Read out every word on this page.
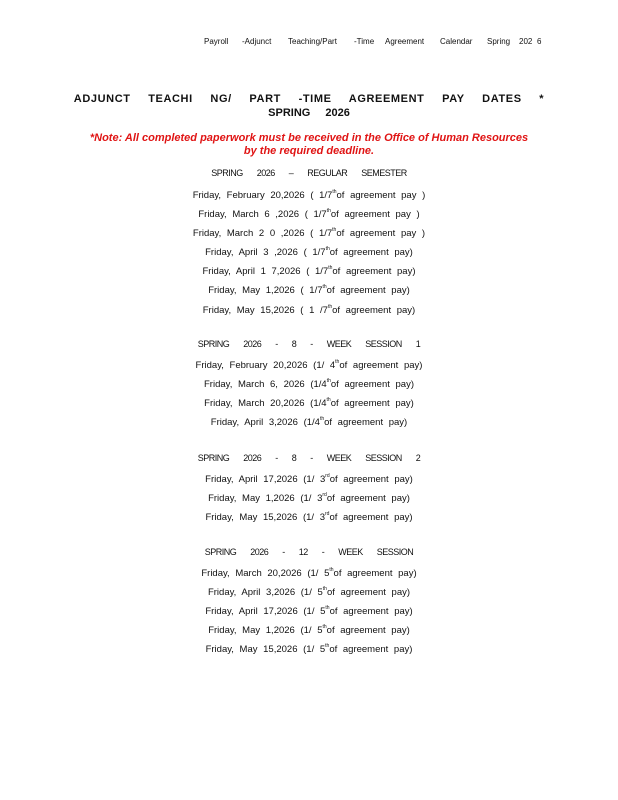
Payroll -Adjunct Teaching/Part -Time Agreement Calendar Spring 202 6
ADJUNCT TEACHI NG/ PART -TIME AGREEMENT PAY DATES *
SPRING 2026
*Note: All completed paperwork must be received in the Office of Human Resources
by the required deadline.
SPRING 2026 – REGULAR SEMESTER
Friday, February 20,2026 ( 1/7thof agreement pay )
Friday, March 6 ,2026 ( 1/7thof agreement pay )
Friday, March 2 0 ,2026 ( 1/7thof agreement pay )
Friday, April 3 ,2026 ( 1/7thof agreement pay)
Friday, April 1 7,2026 ( 1/7thof agreement pay)
Friday, May 1,2026 ( 1/7thof agreement pay)
Friday, May 15,2026 ( 1 /7thof agreement pay)
SPRING 2026 - 8 - WEEK SESSION 1
Friday, February 20,2026 (1/ 4thof agreement pay)
Friday, March 6, 2026 (1/4thof agreement pay)
Friday, March 20,2026 (1/4thof agreement pay)
Friday, April 3,2026 (1/4thof agreement pay)
SPRING 2026 - 8 - WEEK SESSION 2
Friday, April 17,2026 (1/ 3rdof agreement pay)
Friday, May 1,2026 (1/ 3rdof agreement pay)
Friday, May 15,2026 (1/ 3rdof agreement pay)
SPRING 2026 - 12 - WEEK SESSION
Friday, March 20,2026 (1/ 5thof agreement pay)
Friday, April 3,2026 (1/ 5thof agreement pay)
Friday, April 17,2026 (1/ 5thof agreement pay)
Friday, May 1,2026 (1/ 5thof agreement pay)
Friday, May 15,2026 (1/ 5thof agreement pay)
